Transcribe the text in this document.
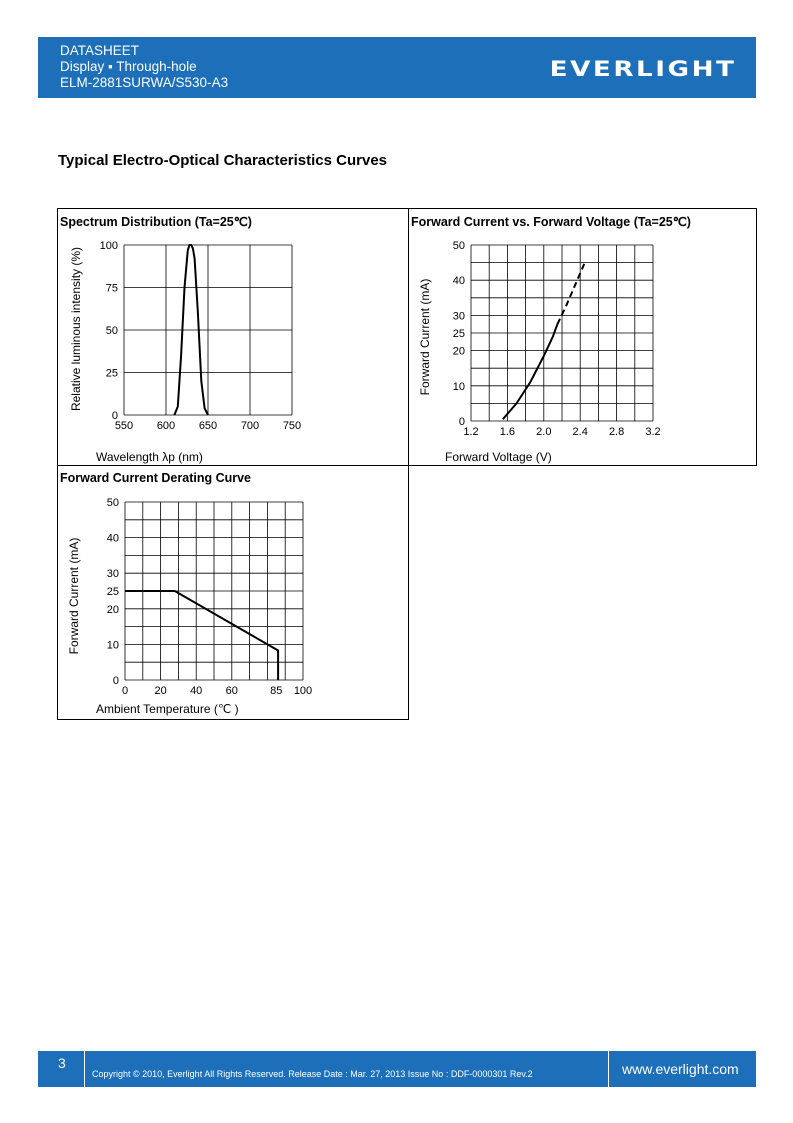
DATASHEET
Display ▪ Through-hole
ELM-2881SURWA/S530-A3
EVERLIGHT
Typical Electro-Optical Characteristics Curves
Spectrum Distribution (Ta=25℃)
550 600 650 700 750
0
25
50
75
100
Wavelength λp (nm)
Relative luminous intensity (%)
Forward Current vs. Forward Voltage (Ta=25℃)
1.2 1.6 2.0 2.4 2.8 3.2
0
10
20
25
30
40
50
Forward Voltage (V)
Forward Current (mA)
Forward Current Derating Curve
0 20 40 60	85 100
0
10
20
25
30
40
50
Ambient Temperature (℃ )
Forward Current (mA)
3
Copyright © 2010, Everlight All Rights Reserved. Release Date : Mar. 27, 2013 Issue No : DDF-0000301 Rev.2	www.everlight.com
